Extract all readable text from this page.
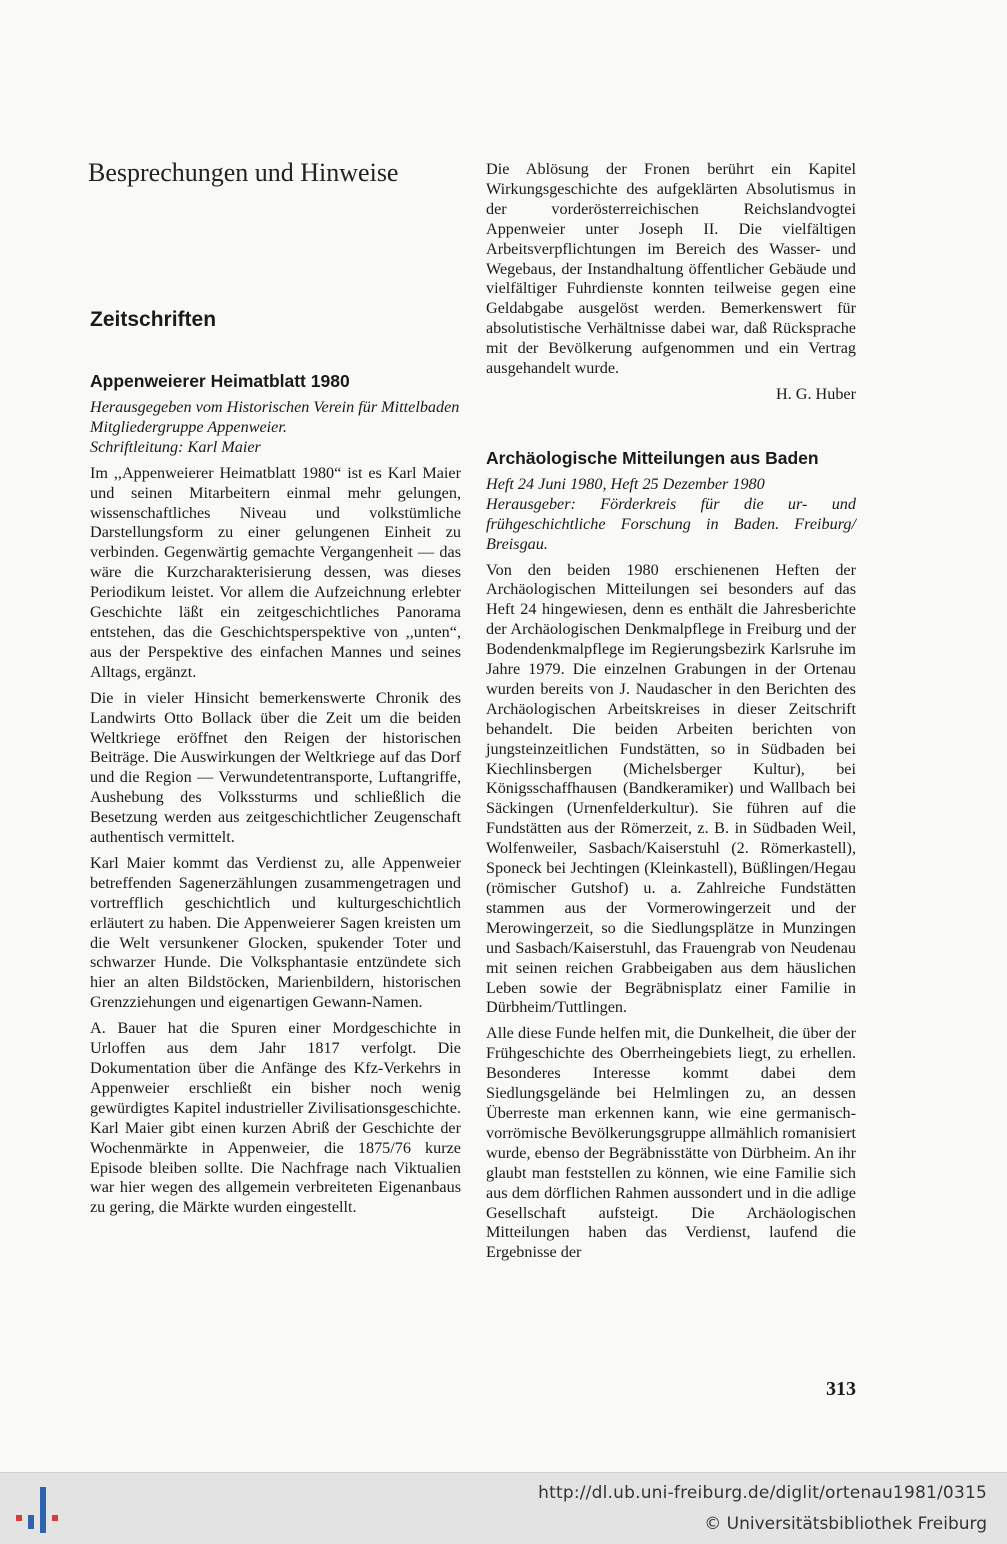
Besprechungen und Hinweise
Zeitschriften
Appenweierer Heimatblatt 1980
Herausgegeben vom Historischen Verein für Mittelbaden
Mitgliedergruppe Appenweier.
Schriftleitung: Karl Maier

Im ,,Appenweierer Heimatblatt 1980“ ist es Karl Maier und seinen Mitarbeitern einmal mehr gelungen, wissenschaftliches Niveau und volkstümliche Darstellungsform zu einer gelungenen Einheit zu verbinden. Gegenwärtig gemachte Vergangenheit — das wäre die Kurzcharakterisierung dessen, was dieses Periodikum leistet. Vor allem die Aufzeichnung erlebter Geschichte läßt ein zeitgeschichtliches Panorama entstehen, das die Geschichtsperspektive von ,,unten“, aus der Perspektive des einfachen Mannes und seines Alltags, ergänzt.

Die in vieler Hinsicht bemerkenswerte Chronik des Landwirts Otto Bollack über die Zeit um die beiden Weltkriege eröffnet den Reigen der historischen Beiträge. Die Auswirkungen der Weltkriege auf das Dorf und die Region — Verwundetentransporte, Luftangriffe, Aushebung des Volkssturms und schließlich die Besetzung werden aus zeitgeschichtlicher Zeugenschaft authentisch vermittelt.

Karl Maier kommt das Verdienst zu, alle Appenweier betreffenden Sagenerzählungen zusammengetragen und vortrefflich geschichtlich und kulturgeschichtlich erläutert zu haben. Die Appenweierer Sagen kreisten um die Welt versunkener Glocken, spukender Toter und schwarzer Hunde. Die Volksphantasie entzündete sich hier an alten Bildstöcken, Marienbildern, historischen Grenzziehungen und eigenartigen Gewann-Namen.

A. Bauer hat die Spuren einer Mordgeschichte in Urloffen aus dem Jahr 1817 verfolgt. Die Dokumentation über die Anfänge des Kfz-Verkehrs in Appenweier erschließt ein bisher noch wenig gewürdigtes Kapitel industrieller Zivilisationsgeschichte. Karl Maier gibt einen kurzen Abriß der Geschichte der Wochenmärkte in Appenweier, die 1875/76 kurze Episode bleiben sollte. Die Nachfrage nach Viktualien war hier wegen des allgemein verbreiteten Eigenanbaus zu gering, die Märkte wurden eingestellt.

Die Ablösung der Fronen berührt ein Kapitel Wirkungsgeschichte des aufgeklärten Absolutismus in der vorderösterreichischen Reichslandvogtei Appenweier unter Joseph II. Die vielfältigen Arbeitsverpflichtungen im Bereich des Wasser- und Wegebaus, der Instandhaltung öffentlicher Gebäude und vielfältiger Fuhrdienste konnten teilweise gegen eine Geldabgabe ausgelöst werden. Bemerkenswert für absolutistische Verhältnisse dabei war, daß Rücksprache mit der Bevölkerung aufgenommen und ein Vertrag ausgehandelt wurde.

H. G. Huber

Archäologische Mitteilungen aus Baden
Heft 24 Juni 1980, Heft 25 Dezember 1980
Herausgeber: Förderkreis für die ur- und frühgeschichtliche Forschung in Baden. Freiburg/ Breisgau.

Von den beiden 1980 erschienenen Heften der Archäologischen Mitteilungen sei besonders auf das Heft 24 hingewiesen, denn es enthält die Jahresberichte der Archäologischen Denkmalpflege in Freiburg und der Bodendenkmalpflege im Regierungsbezirk Karlsruhe im Jahre 1979. Die einzelnen Grabungen in der Ortenau wurden bereits von J. Naudascher in den Berichten des Archäologischen Arbeitskreises in dieser Zeitschrift behandelt. Die beiden Arbeiten berichten von jungsteinzeitlichen Fundstätten, so in Südbaden bei Kiechlinsbergen (Michelsberger Kultur), bei Königsschaffhausen (Bandkeramiker) und Wallbach bei Säckingen (Urnenfelderkultur). Sie führen auf die Fundstätten aus der Römerzeit, z. B. in Südbaden Weil, Wolfenweiler, Sasbach/Kaiserstuhl (2. Römerkastell), Sponeck bei Jechtingen (Kleinkastell), Büßlingen/Hegau (römischer Gutshof) u. a. Zahlreiche Fundstätten stammen aus der Vormerowingerzeit und der Merowingerzeit, so die Siedlungsplätze in Munzingen und Sasbach/Kaiserstuhl, das Frauengrab von Neudenau mit seinen reichen Grabbeigaben aus dem häuslichen Leben sowie der Begräbnisplatz einer Familie in Dürbheim/Tuttlingen.

Alle diese Funde helfen mit, die Dunkelheit, die über der Frühgeschichte des Oberrheingebiets liegt, zu erhellen. Besonderes Interesse kommt dabei dem Siedlungsgelände bei Helmlingen zu, an dessen Überreste man erkennen kann, wie eine germanisch-vorrömische Bevölkerungsgruppe allmählich romanisiert wurde, ebenso der Begräbnisstätte von Dürbheim. An ihr glaubt man feststellen zu können, wie eine Familie sich aus dem dörflichen Rahmen aussondert und in die adlige Gesellschaft aufsteigt. Die Archäologischen Mitteilungen haben das Verdienst, laufend die Ergebnisse der

313
http://dl.ub.uni-freiburg.de/diglit/ortenau1981/0315
© Universitätsbibliothek Freiburg
